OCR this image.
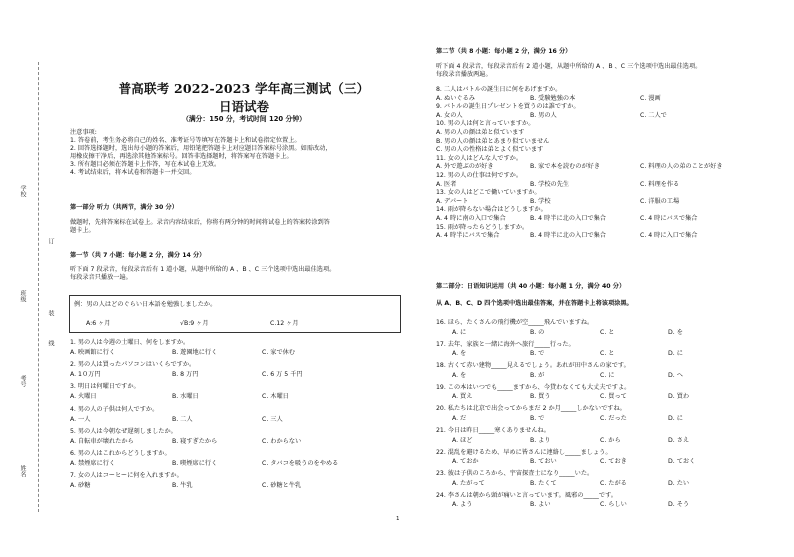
学校
班级
姓名
考号
装
订
线
普高联考 2022-2023 学年高三测试（三）
日语试卷
（满分：150 分，考试时间 120 分钟）
注意事项:
1. 答卷前，考生务必将自己的姓名、准考证号等填写在答题卡上和试卷指定位置上。
2. 回答选择题时，选出每小题的答案后，用铅笔把答题卡上对应题目答案标号涂黑。如需改动，
用橡皮擦干净后，再选涂其他答案标号。回答非选择题时，将答案写在答题卡上。
3. 所有题目必须在答题卡上作答，写在本试卷上无效。
4. 考试结束后，将本试卷和答题卡一并交回。
第一部分 听力（共两节，满分 30 分）
做题时，先将答案标在试卷上。录音内容结束后，你将有两分钟的时间将试卷上的答案转涂到答
题卡上。
第一节（共 7 小题：每小题 2 分，满分 14 分）
听下面 7 段录音，每段录音后有 1 道小题，从题中所给的 A 、B 、C 三个选项中选出最佳选项。
每段录音只播放一遍。
例：男の人はどのぐらい日本語を勉強しましたか。
A:6 ヶ月	√B:9 ヶ月	C.12 ヶ月
1. 男の人は今週の土曜日、何をしますか。
A. 映画館に行く	B. 遊園地に行く	C. 家で休む
2. 男の人は買ったパソコンはいくらですか。
A. 1０万円	B. 8 万円	C. 6 万 5 千円
3. 明日は何曜日ですか。
A. 火曜日	B. 水曜日	C. 木曜日
4. 男の人の子供は何人ですか。
A. 一人	B. 二人	C. 三人
5. 男の人は今朝なぜ遅刻しましたか。
A. 自転車が壊れたから	B. 寝すぎたから	C. わからない
6. 男の人はこれからどうしますか。
A. 禁煙席に行く	B. 喫煙席に行く	C. タバコを吸うのをやめる
7. 女の人はコーヒーに何を入れますか。
A. 砂糖	B. 牛乳	C. 砂糖と牛乳
1
第二节（共 8 小题：每小题 2 分，满分 16 分）
听下面 4 段录音，每段录音后有 2 道小题，从题中所给的 A 、B 、C 三个选项中选出最佳选项。
每段录音播放两遍。
8. 二人はバトルの誕生日に何をあげますか。
A. ぬいぐるみ	B. 受験勉強の本	C. 漫画
9. バトルの誕生日プレゼントを買うのは誰ですか。
A. 女の人	B. 男の人	C. 二人で
10. 男の人は何と言っていますか。
A. 男の人の顔は弟と似ています
B. 男の人の顔は弟とあまり似ていません
C. 男の人の性格は弟とよく似ています
11. 女の人はどんな人ですか。
A. 外で遊ぶのが好き	B. 家で本を読むのが好き	C. 料理の人の弟のことが好き
12. 男の人の仕事は何ですか。
A. 医者	B. 学校の先生	C. 料理を作る
13. 女の人はどこで働いていますか。
A. デパート	B. 学校	C. 洋服の工場
14. 雨が降らない場合はどうしますか。
A. 4 時に南の入口で集合	B. 4 時半に北の入口で集合	C. 4 時にバスで集合
15. 雨が降ったらどうしますか。
A. 4 時半にバスで集合	B. 4 時半に北の入口で集合	C. 4 時に入口で集合
第二部分：日语知识运用（共 40 小题：每小题 1 分，满分 40 分）
从 A、B、C、D 四个选项中选出最佳答案，并在答题卡上将该项涂黑。
16. ほら、たくさんの飛行機が空_____飛んでいますね。
A. に	B. の	C. と	D. を
17. 去年、家族と一緒に海外へ旅行_____行った。
A. を	B. で	C. と	D. に
18. 古くて赤い建物_____見えるでしょう。あれが田中さんの家です。
A. を	B. が	C. に	D. へ
19. この本はいつでも_____ますから、今貸わなくても大丈夫ですよ。
A. 買え	B. 買う	C. 買って	D. 買わ
20. 私たちは北京で出会ってからまだ 2 か月_____しかないですね。
A. だ	B. で	C. だった	D. に
21. 今日は昨日_____寒くありませんね。
A. ほど	B. より	C. から	D. さえ
22. 混乱を避けるため、早めに皆さんに連絡し_____ましょう。
A. ておか	B. ておい	C. ておき	D. ておく
23. 彼は子供のころから、宇宙探査士になり_____いた。
A. たがって	B. たくて	C. たがる	D. たい
24. 李さんは朝から頭が痛いと言っています。風邪の_____です。
A. よう	B. よい	C. らしい	D. そう
